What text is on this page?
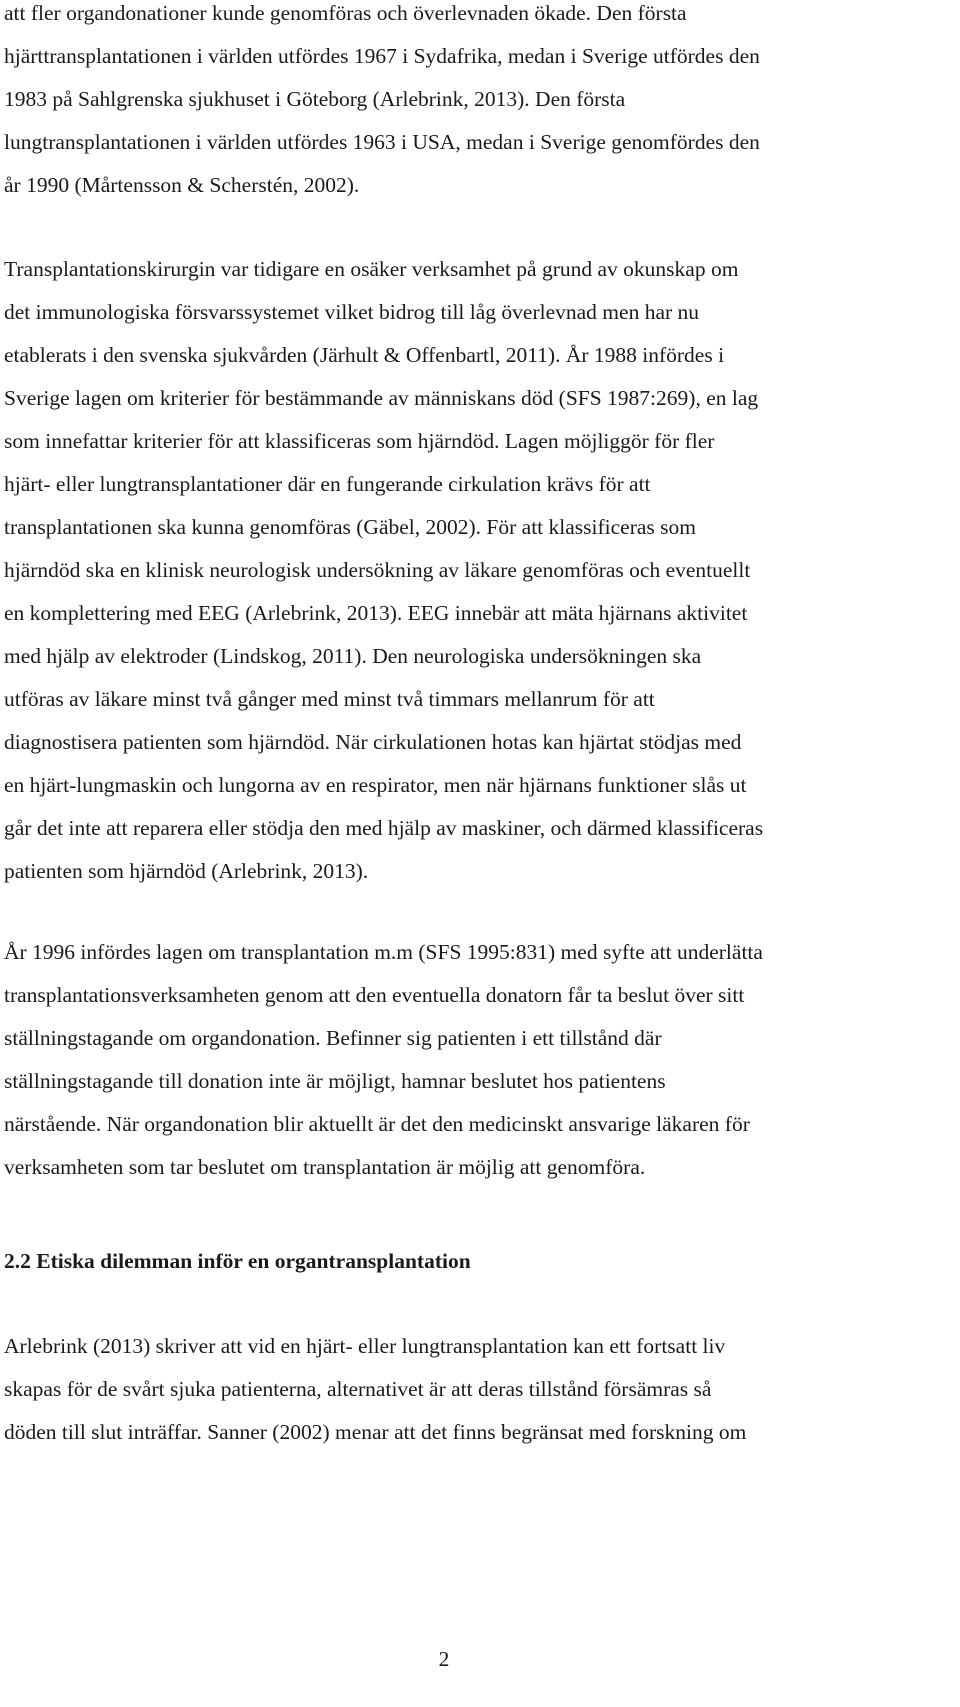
att fler organdonationer kunde genomföras och överlevnaden ökade. Den första
hjärttransplantationen i världen utfördes 1967 i Sydafrika, medan i Sverige utfördes den
1983 på Sahlgrenska sjukhuset i Göteborg (Arlebrink, 2013). Den första
lungtransplantationen i världen utfördes 1963 i USA, medan i Sverige genomfördes den
år 1990 (Mårtensson & Scherstén, 2002).

Transplantationskirurgin var tidigare en osäker verksamhet på grund av okunskap om
det immunologiska försvarssystemet vilket bidrog till låg överlevnad men har nu
etablerats i den svenska sjukvården (Järhult & Offenbartl, 2011). År 1988 infördes i
Sverige lagen om kriterier för bestämmande av människans död (SFS 1987:269), en lag
som innefattar kriterier för att klassificeras som hjärndöd. Lagen möjliggör för fler
hjärt- eller lungtransplantationer där en fungerande cirkulation krävs för att
transplantationen ska kunna genomföras (Gäbel, 2002). För att klassificeras som
hjärndöd ska en klinisk neurologisk undersökning av läkare genomföras och eventuellt
en komplettering med EEG (Arlebrink, 2013). EEG innebär att mäta hjärnans aktivitet
med hjälp av elektroder (Lindskog, 2011). Den neurologiska undersökningen ska
utföras av läkare minst två gånger med minst två timmars mellanrum för att
diagnostisera patienten som hjärndöd. När cirkulationen hotas kan hjärtat stödjas med
en hjärt-lungmaskin och lungorna av en respirator, men när hjärnans funktioner slås ut
går det inte att reparera eller stödja den med hjälp av maskiner, och därmed klassificeras
patienten som hjärndöd (Arlebrink, 2013).

År 1996 infördes lagen om transplantation m.m (SFS 1995:831) med syfte att underlätta
transplantationsverksamheten genom att den eventuella donatorn får ta beslut över sitt
ställningstagande om organdonation. Befinner sig patienten i ett tillstånd där
ställningstagande till donation inte är möjligt, hamnar beslutet hos patientens
närstående. När organdonation blir aktuellt är det den medicinskt ansvarige läkaren för
verksamheten som tar beslutet om transplantation är möjlig att genomföra.

2.2 Etiska dilemman inför en organtransplantation

Arlebrink (2013) skriver att vid en hjärt- eller lungtransplantation kan ett fortsatt liv
skapas för de svårt sjuka patienterna, alternativet är att deras tillstånd försämras så
döden till slut inträffar. Sanner (2002) menar att det finns begränsat med forskning om

2
